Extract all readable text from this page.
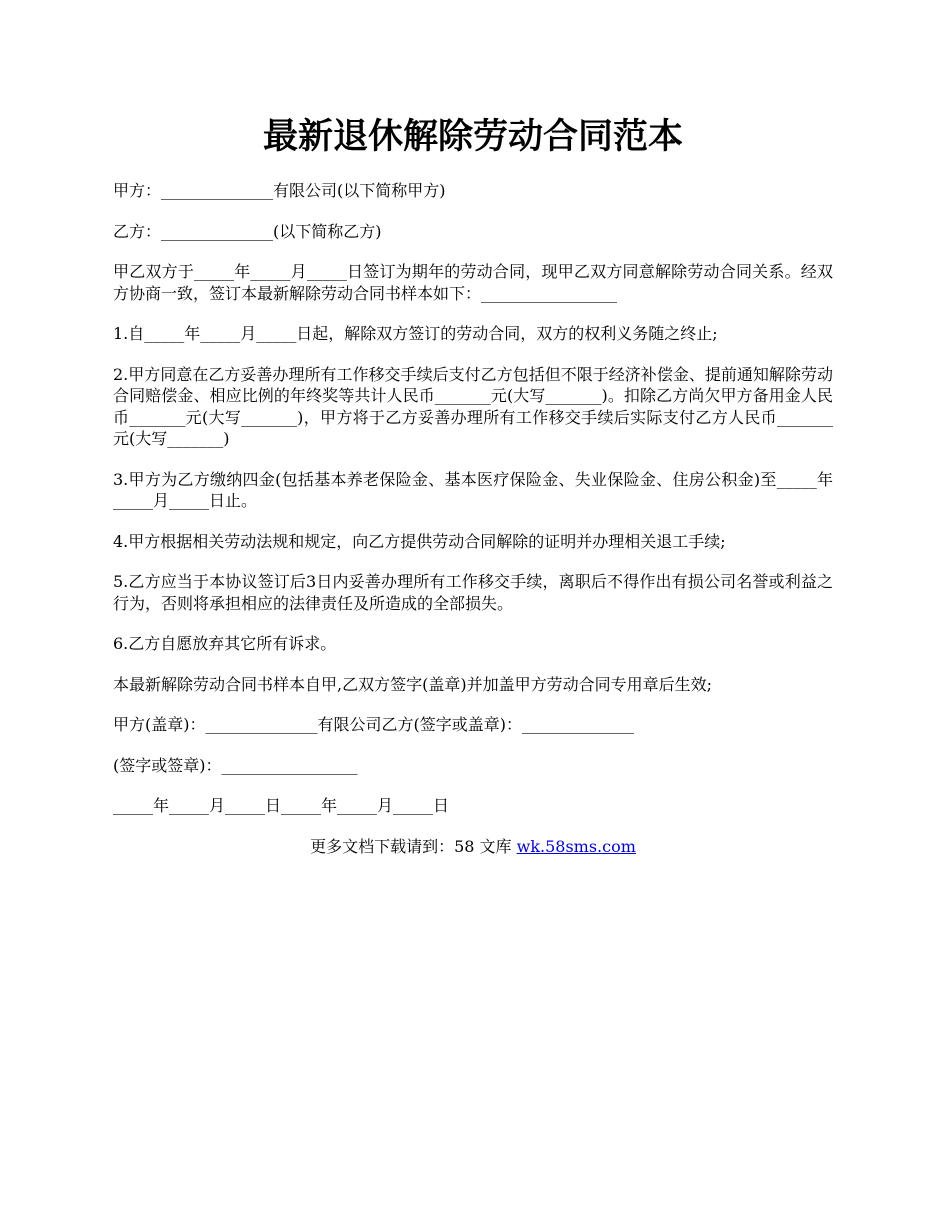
最新退休解除劳动合同范本

甲方：______________有限公司(以下简称甲方)

乙方：______________(以下简称乙方)

甲乙双方于_____年_____月_____日签订为期年的劳动合同，现甲乙双方同意解除劳动合同关系。经双方协商一致，签订本最新解除劳动合同书样本如下：_________________

1.自_____年_____月_____日起，解除双方签订的劳动合同，双方的权利义务随之终止;

2.甲方同意在乙方妥善办理所有工作移交手续后支付乙方包括但不限于经济补偿金、提前通知解除劳动合同赔偿金、相应比例的年终奖等共计人民币_______元(大写_______)。扣除乙方尚欠甲方备用金人民币_______元(大写_______)，甲方将于乙方妥善办理所有工作移交手续后实际支付乙方人民币_______元(大写_______)

3.甲方为乙方缴纳四金(包括基本养老保险金、基本医疗保险金、失业保险金、住房公积金)至_____年_____月_____日止。

4.甲方根据相关劳动法规和规定，向乙方提供劳动合同解除的证明并办理相关退工手续;

5.乙方应当于本协议签订后3日内妥善办理所有工作移交手续，离职后不得作出有损公司名誉或利益之行为，否则将承担相应的法律责任及所造成的全部损失。

6.乙方自愿放弃其它所有诉求。

本最新解除劳动合同书样本自甲,乙双方签字(盖章)并加盖甲方劳动合同专用章后生效;

甲方(盖章)：______________有限公司乙方(签字或盖章)：______________

(签字或签章)：_________________

_____年_____月_____日_____年_____月_____日

更多文档下载请到：58 文库 wk.58sms.com
